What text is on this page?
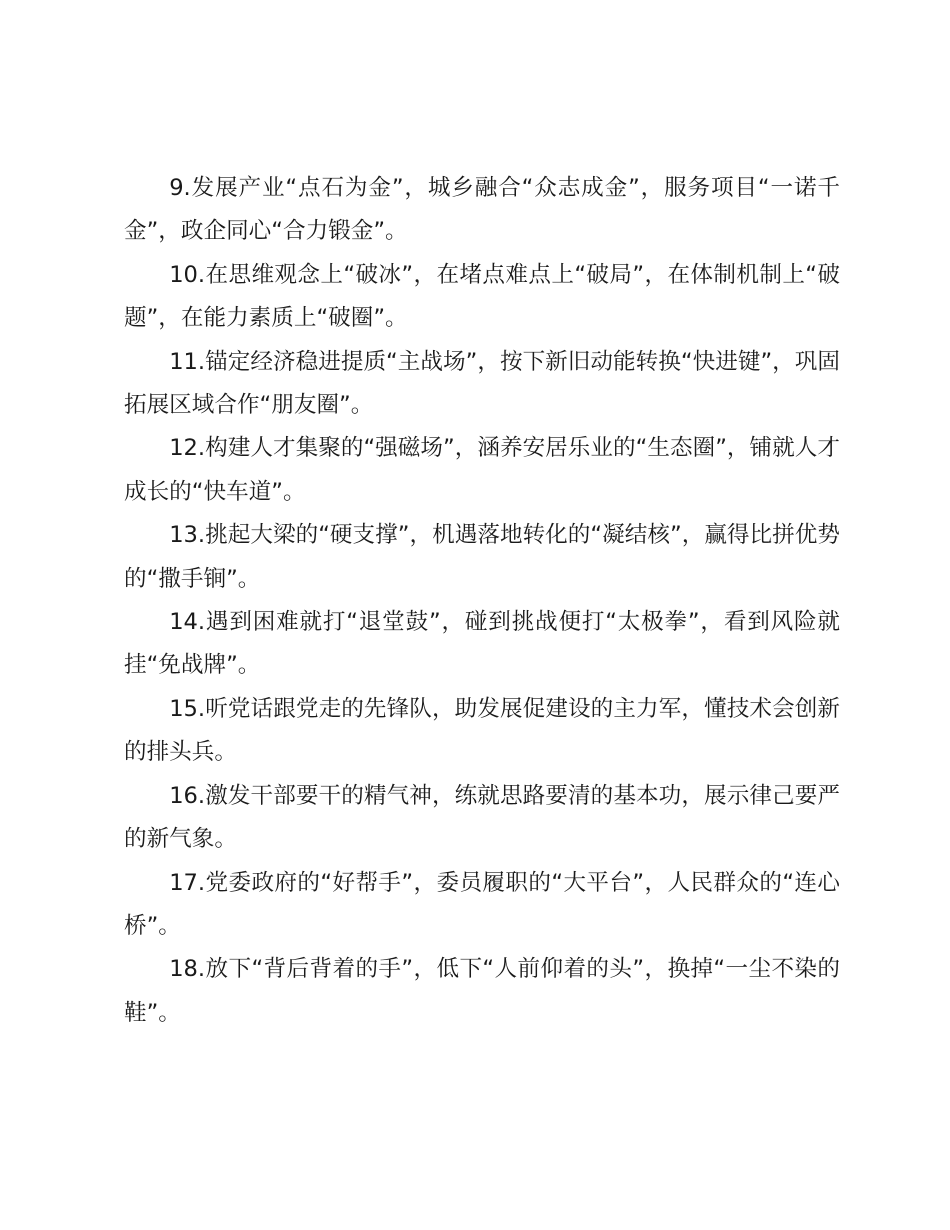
9.发展产业“点石为金”，城乡融合“众志成金”，服务项目“一诺千金”，政企同心“合力锻金”。

10.在思维观念上“破冰”，在堵点难点上“破局”，在体制机制上“破题”，在能力素质上“破圈”。

11.锚定经济稳进提质“主战场”，按下新旧动能转换“快进键”，巩固拓展区域合作“朋友圈”。

12.构建人才集聚的“强磁场”，涵养安居乐业的“生态圈”，铺就人才成长的“快车道”。

13.挑起大梁的“硬支撑”，机遇落地转化的“凝结核”，赢得比拼优势的“撒手锏”。

14.遇到困难就打“退堂鼓”，碰到挑战便打“太极拳”，看到风险就挂“免战牌”。

15.听党话跟党走的先锋队，助发展促建设的主力军，懂技术会创新的排头兵。

16.激发干部要干的精气神，练就思路要清的基本功，展示律己要严的新气象。

17.党委政府的“好帮手”，委员履职的“大平台”，人民群众的“连心桥”。

18.放下“背后背着的手”，低下“人前仰着的头”，换掉“一尘不染的鞋”。
